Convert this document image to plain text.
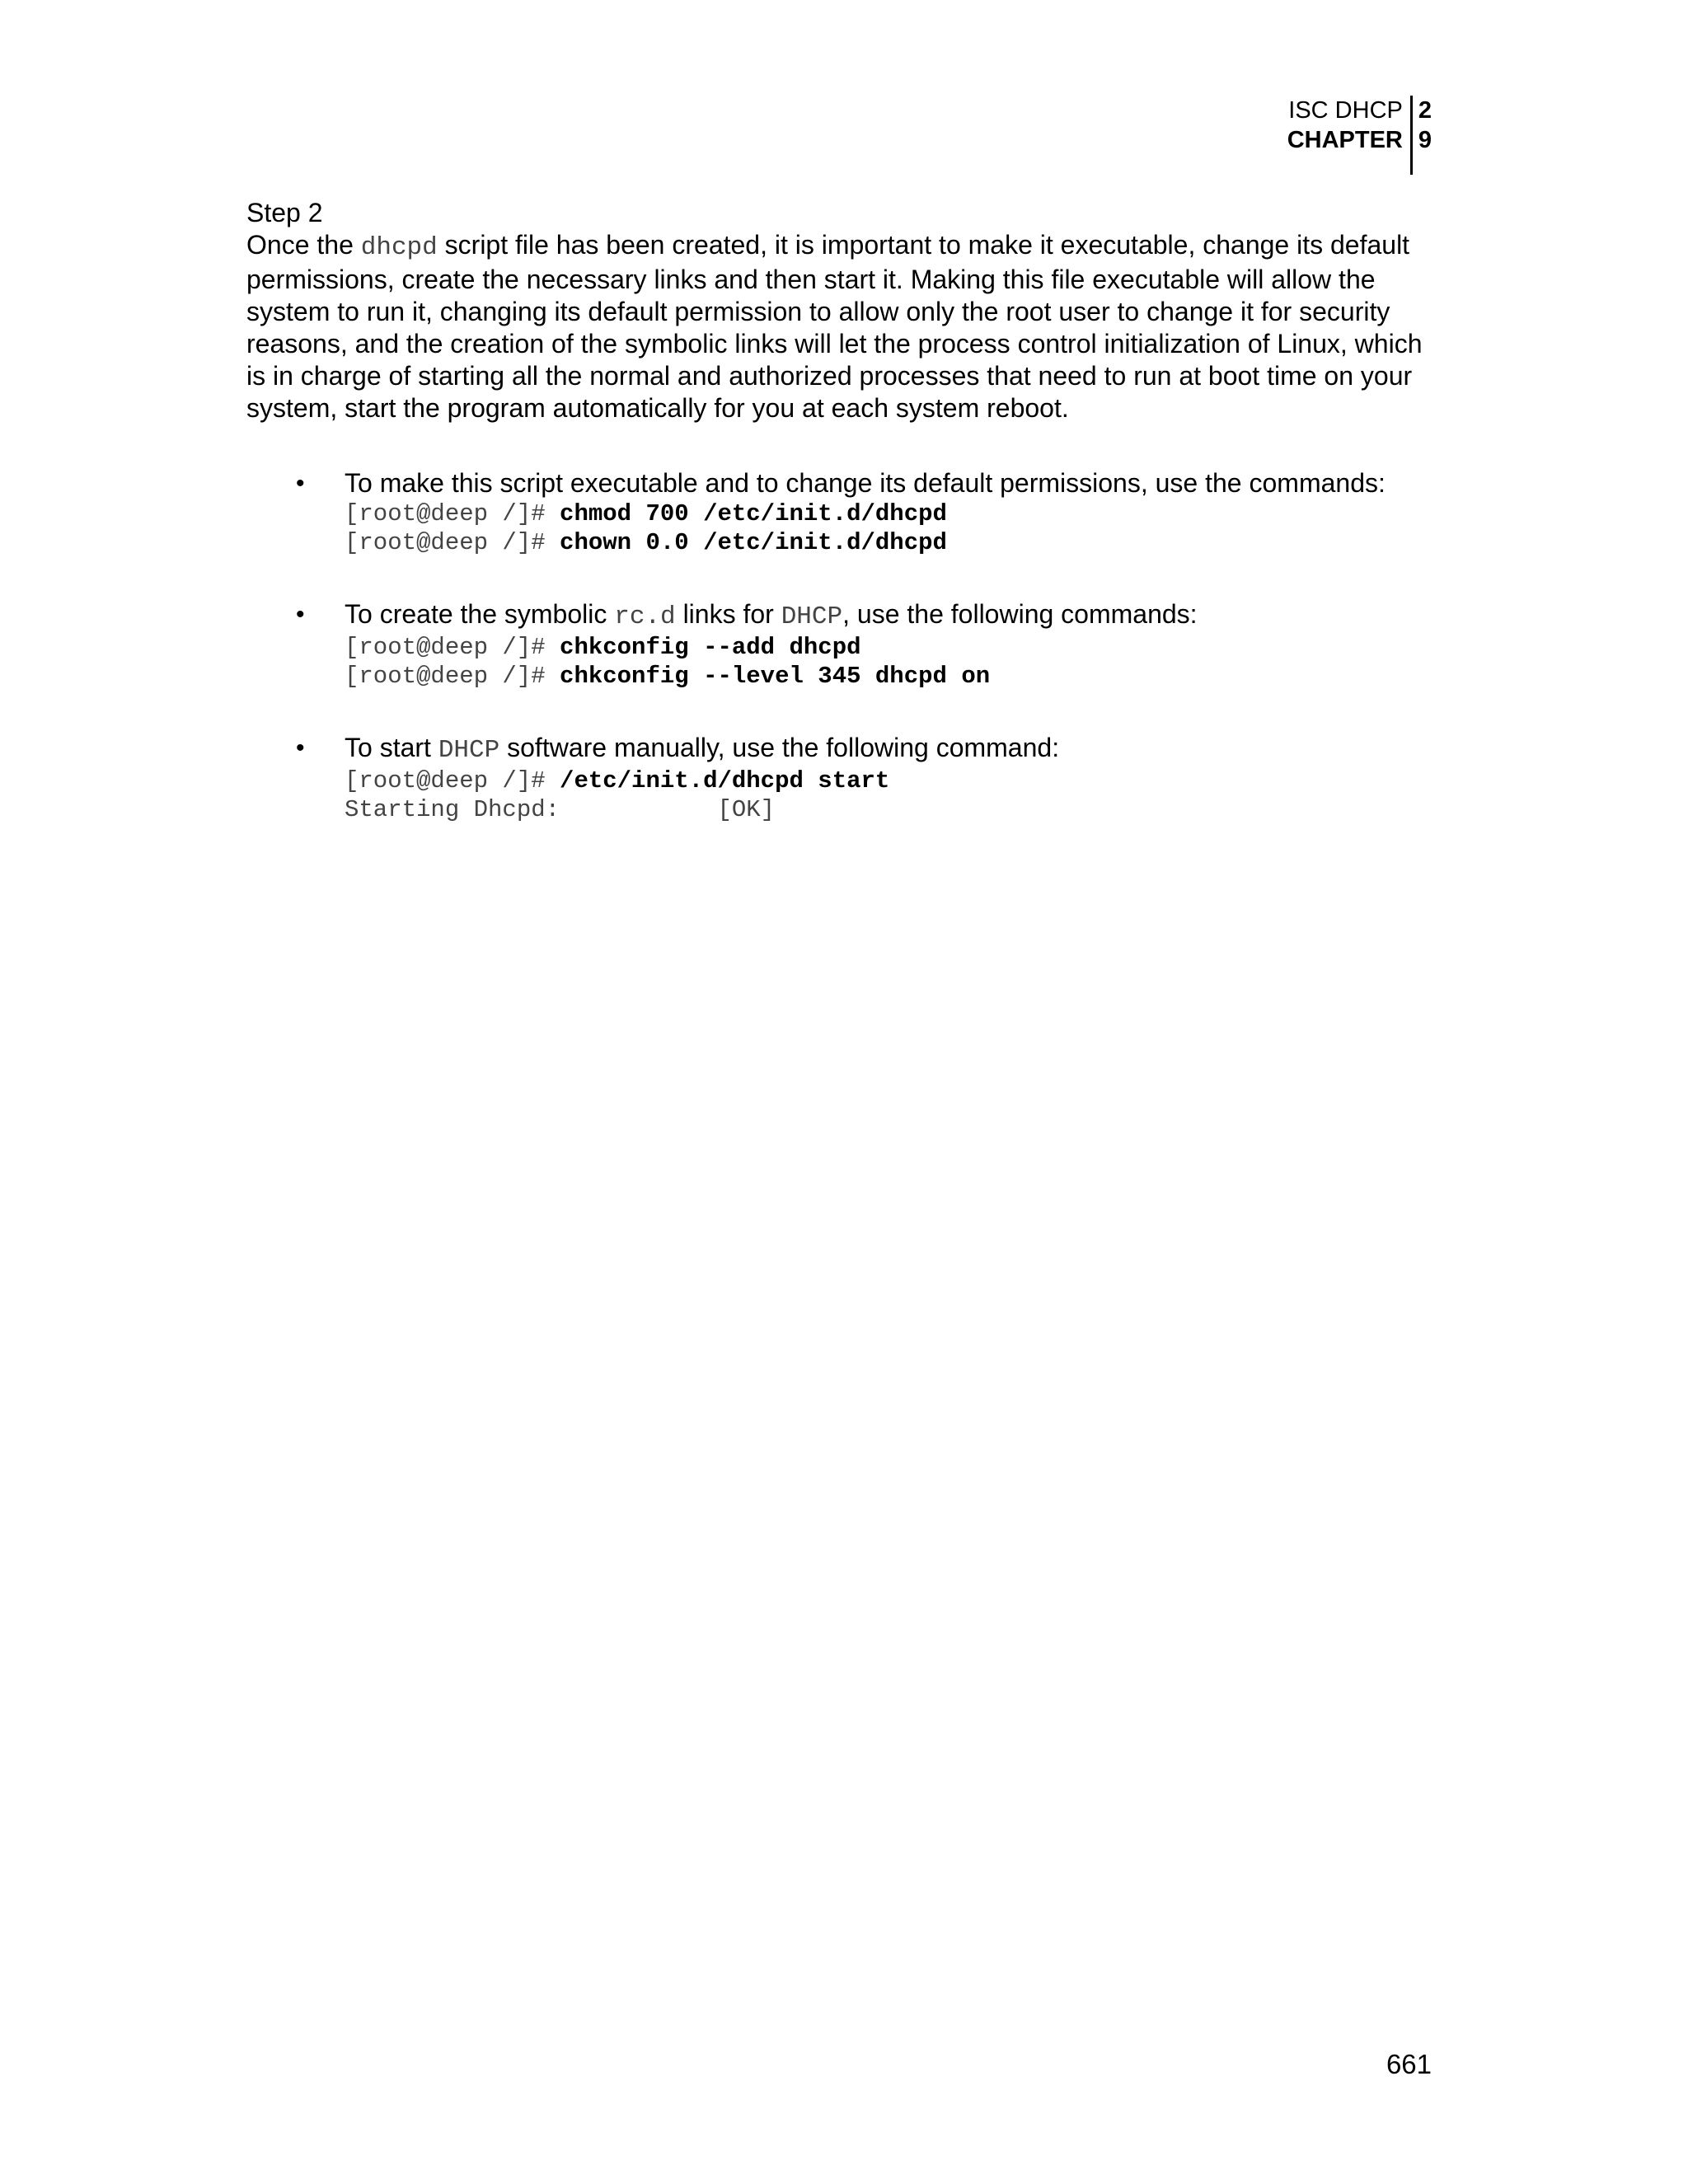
ISC DHCP
CHAPTER
2
9
Step 2

Once the dhcpd script file has been created, it is important to make it executable, change its default permissions, create the necessary links and then start it. Making this file executable will allow the system to run it, changing its default permission to allow only the root user to change it for security reasons, and the creation of the symbolic links will let the process control initialization of Linux, which is in charge of starting all the normal and authorized processes that need to run at boot time on your system, start the program automatically for you at each system reboot.

• To make this script executable and to change its default permissions, use the commands:
[root@deep /]# chmod 700 /etc/init.d/dhcpd
[root@deep /]# chown 0.0 /etc/init.d/dhcpd
• To create the symbolic rc.d links for DHCP, use the following commands:
[root@deep /]# chkconfig --add dhcpd
[root@deep /]# chkconfig --level 345 dhcpd on
• To start DHCP software manually, use the following command:
[root@deep /]# /etc/init.d/dhcpd start
Starting Dhcpd:           [OK]
661
